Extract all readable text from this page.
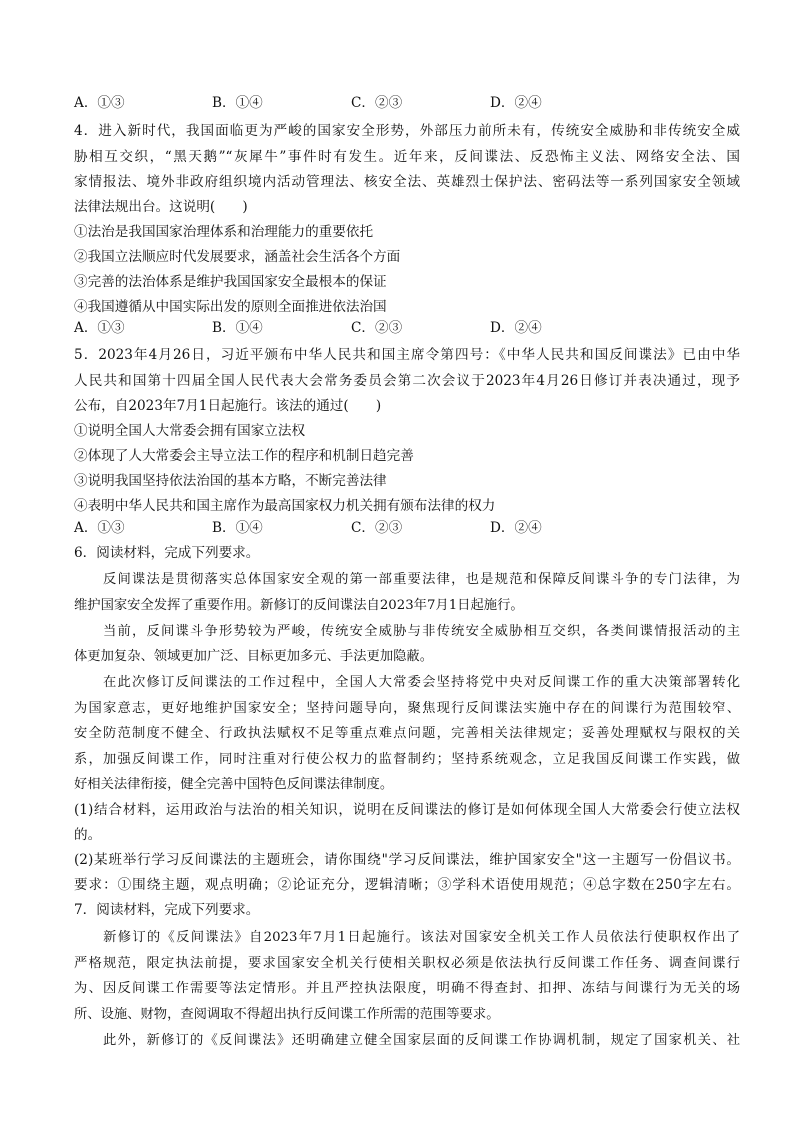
A．①③	B．①④	C．②③	D．②④
4．进入新时代，我国面临更为严峻的国家安全形势，外部压力前所未有，传统安全威胁和非传统安全威
胁相互交织，“黑天鹅”“灰犀牛”事件时有发生。近年来，反间谍法、反恐怖主义法、网络安全法、国
家情报法、境外非政府组织境内活动管理法、核安全法、英雄烈士保护法、密码法等一系列国家安全领域
法律法规出台。这说明(　　)
①法治是我国国家治理体系和治理能力的重要依托
②我国立法顺应时代发展要求，涵盖社会生活各个方面
③完善的法治体系是维护我国国家安全最根本的保证
④我国遵循从中国实际出发的原则全面推进依法治国
A．①③	B．①④	C．②③	D．②④
5．2023年4月26日，习近平颁布中华人民共和国主席令第四号：《中华人民共和国反间谍法》已由中华
人民共和国第十四届全国人民代表大会常务委员会第二次会议于2023年4月26日修订并表决通过，现予
公布，自2023年7月1日起施行。该法的通过(　　)
①说明全国人大常委会拥有国家立法权
②体现了人大常委会主导立法工作的程序和机制日趋完善
③说明我国坚持依法治国的基本方略，不断完善法律
④表明中华人民共和国主席作为最高国家权力机关拥有颁布法律的权力
A．①③	B．①④	C．②③	D．②④
6．阅读材料，完成下列要求。
　　反间谍法是贯彻落实总体国家安全观的第一部重要法律，也是规范和保障反间谍斗争的专门法律，为
维护国家安全发挥了重要作用。新修订的反间谍法自2023年7月1日起施行。
　　当前，反间谍斗争形势较为严峻，传统安全威胁与非传统安全威胁相互交织，各类间谍情报活动的主
体更加复杂、领域更加广泛、目标更加多元、手法更加隐蔽。
　　在此次修订反间谍法的工作过程中，全国人大常委会坚持将党中央对反间谍工作的重大决策部署转化
为国家意志，更好地维护国家安全；坚持问题导向，聚焦现行反间谍法实施中存在的间谍行为范围较窄、
安全防范制度不健全、行政执法赋权不足等重点难点问题，完善相关法律规定；妥善处理赋权与限权的关
系，加强反间谍工作，同时注重对行使公权力的监督制约；坚持系统观念，立足我国反间谍工作实践，做
好相关法律衔接，健全完善中国特色反间谍法律制度。
(1)结合材料，运用政治与法治的相关知识，说明在反间谍法的修订是如何体现全国人大常委会行使立法权
的。
(2)某班举行学习反间谍法的主题班会，请你围绕"学习反间谍法，维护国家安全"这一主题写一份倡议书。
要求：①围绕主题，观点明确；②论证充分，逻辑清晰；③学科术语使用规范；④总字数在250字左右。
7．阅读材料，完成下列要求。
　　新修订的《反间谍法》自2023年7月1日起施行。该法对国家安全机关工作人员依法行使职权作出了
严格规范，限定执法前提，要求国家安全机关行使相关职权必须是依法执行反间谍工作任务、调查间谍行
为、因反间谍工作需要等法定情形。并且严控执法限度，明确不得查封、扣押、冻结与间谍行为无关的场
所、设施、财物，查阅调取不得超出执行反间谍工作所需的范围等要求。
　　此外，新修订的《反间谍法》还明确建立健全国家层面的反间谍工作协调机制，规定了国家机关、社
